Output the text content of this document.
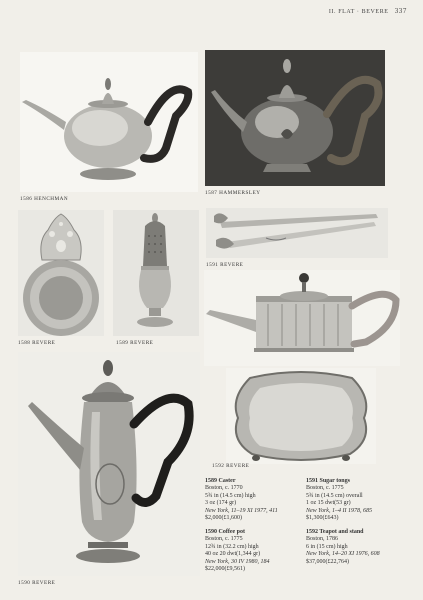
II. FLAT · BEVERE 337
1586 HENCHMAN
1587 HAMMERSLEY
1588 REVERE	1589 REVERE
1591 REVERE
1592 REVERE
1590 REVERE
1589 Caster
Boston, c. 1770
5¾ in (14.5 cm) high
3 oz (174 gr)
New York, 11–19 XI 1977, 411
$2,000(£1,600)
1590 Coffee pot
Boston, c. 1775
12¾ in (32.2 cm) high
40 oz 20 dwt(1,344 gr)
New York, 30 IV 1980, 184
$22,000(£9,561)
1591 Sugar tongs
Boston, c. 1775
5¾ in (14.5 cm) overall
1 oz 15 dwt(53 gr)
New York, 1–4 II 1978, 685
$1,300(£643)
1592 Teapot and stand
Boston, 1786
6 in (15 cm) high
New York, 14–20 XI 1976, 608
$37,000(£22,764)
